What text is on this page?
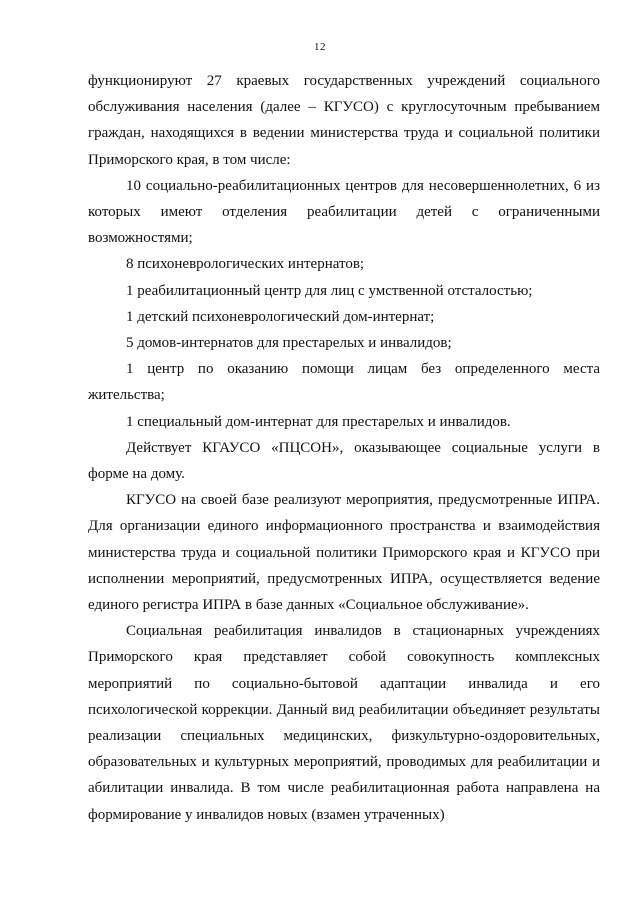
12

функционируют 27 краевых государственных учреждений социального обслуживания населения (далее – КГУСО) с круглосуточным пребыванием граждан, находящихся в ведении министерства труда и социальной политики Приморского края, в том числе:

10 социально-реабилитационных центров для несовершеннолетних, 6 из которых имеют отделения реабилитации детей с ограниченными возможностями;

8 психоневрологических интернатов;

1 реабилитационный центр для лиц с умственной отсталостью;

1 детский психоневрологический дом-интернат;

5 домов-интернатов для престарелых и инвалидов;

1 центр по оказанию помощи лицам без определенного места жительства;

1 специальный дом-интернат для престарелых и инвалидов.

Действует КГАУСО «ПЦСОН», оказывающее социальные услуги в форме на дому.

КГУСО на своей базе реализуют мероприятия, предусмотренные ИПРА. Для организации единого информационного пространства и взаимодействия министерства труда и социальной политики Приморского края и КГУСО при исполнении мероприятий, предусмотренных ИПРА, осуществляется ведение единого регистра ИПРА в базе данных «Социальное обслуживание».

Социальная реабилитация инвалидов в стационарных учреждениях Приморского края представляет собой совокупность комплексных мероприятий по социально-бытовой адаптации инвалида и его психологической коррекции. Данный вид реабилитации объединяет результаты реализации специальных медицинских, физкультурно-оздоровительных, образовательных и культурных мероприятий, проводимых для реабилитации и абилитации инвалида. В том числе реабилитационная работа направлена на формирование у инвалидов новых (взамен утраченных)
